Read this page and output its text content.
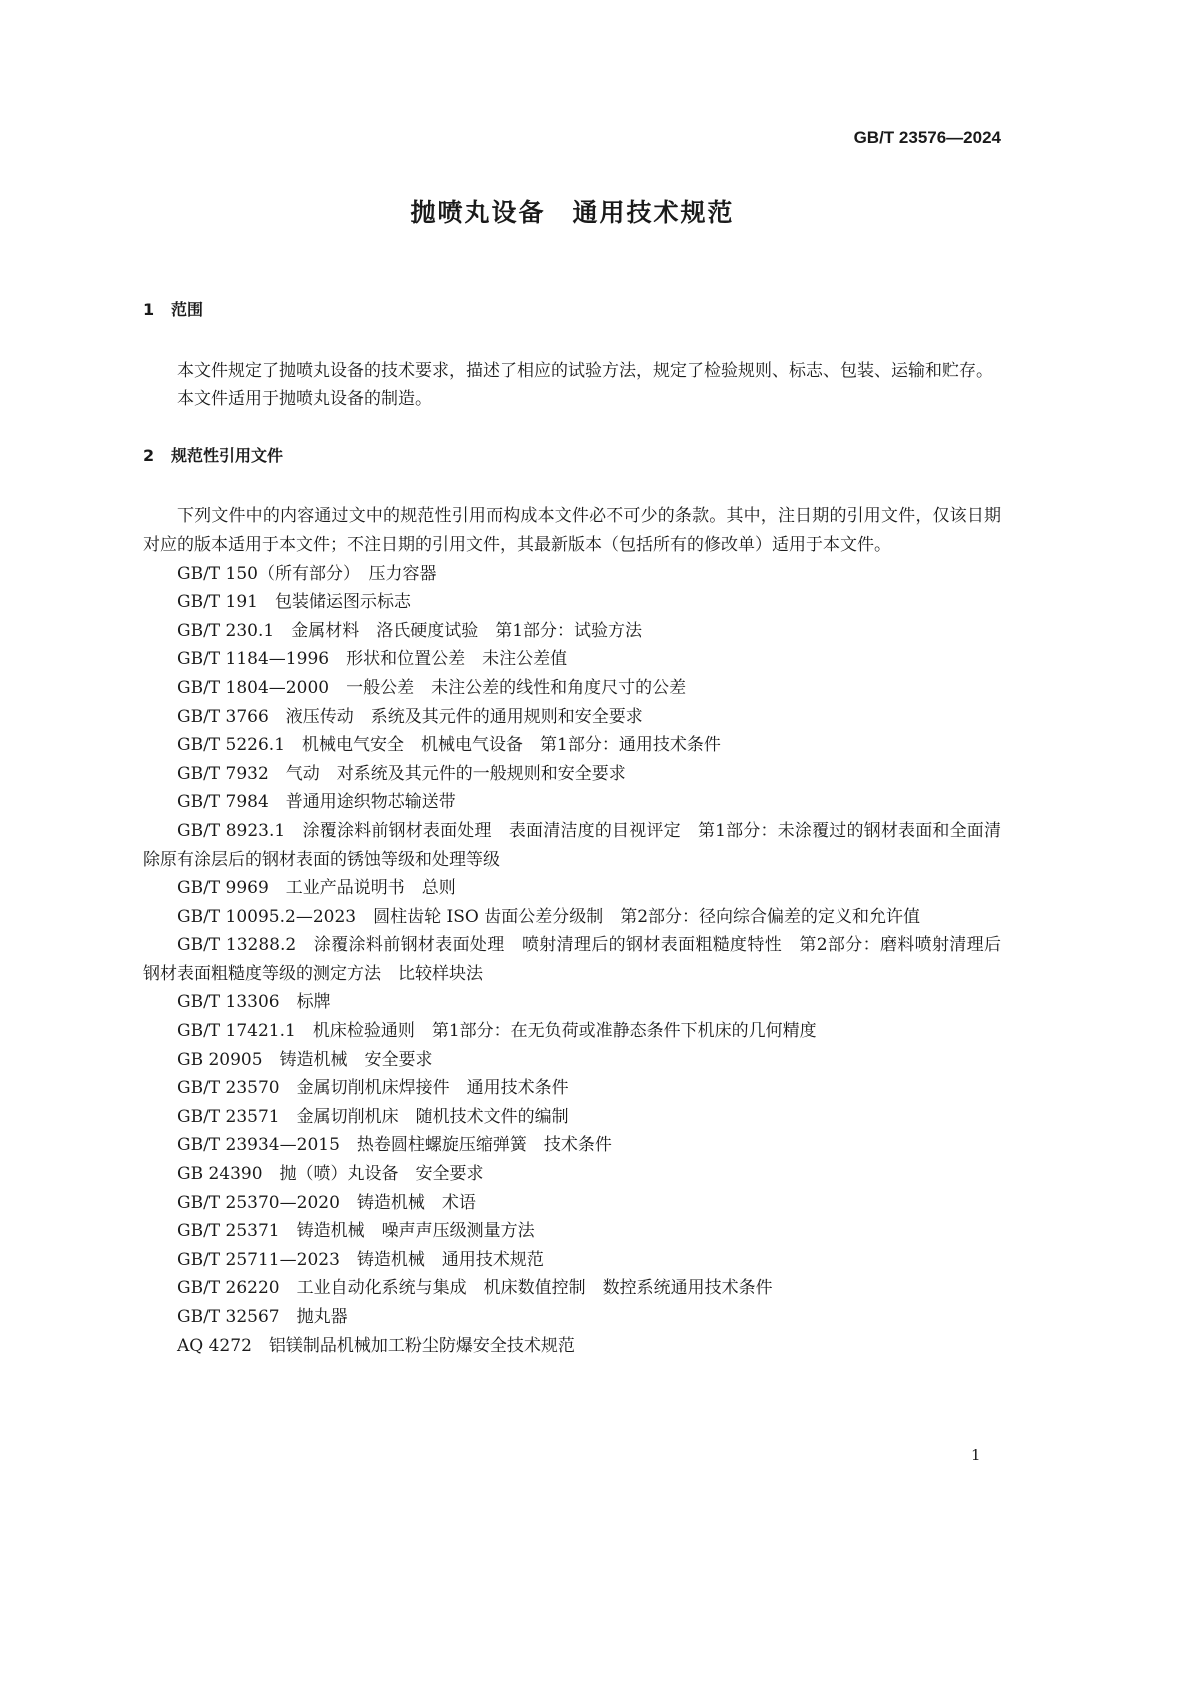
GB/T 23576—2024
抛喷丸设备　通用技术规范
1 范围

本文件规定了抛喷丸设备的技术要求，描述了相应的试验方法，规定了检验规则、标志、包装、运输和贮存。

本文件适用于抛喷丸设备的制造。

2 规范性引用文件

下列文件中的内容通过文中的规范性引用而构成本文件必不可少的条款。其中，注日期的引用文件，仅该日期对应的版本适用于本文件；不注日期的引用文件，其最新版本（包括所有的修改单）适用于本文件。

GB/T 150（所有部分）　压力容器

GB/T 191　包装储运图示标志

GB/T 230.1　金属材料　洛氏硬度试验　第1部分：试验方法

GB/T 1184—1996　形状和位置公差　未注公差值

GB/T 1804—2000　一般公差　未注公差的线性和角度尺寸的公差

GB/T 3766　液压传动　系统及其元件的通用规则和安全要求

GB/T 5226.1　机械电气安全　机械电气设备　第1部分：通用技术条件

GB/T 7932　气动　对系统及其元件的一般规则和安全要求

GB/T 7984　普通用途织物芯输送带

GB/T 8923.1　涂覆涂料前钢材表面处理　表面清洁度的目视评定　第1部分：未涂覆过的钢材表面和全面清除原有涂层后的钢材表面的锈蚀等级和处理等级

GB/T 9969　工业产品说明书　总则

GB/T 10095.2—2023　圆柱齿轮 ISO 齿面公差分级制　第2部分：径向综合偏差的定义和允许值

GB/T 13288.2　涂覆涂料前钢材表面处理　喷射清理后的钢材表面粗糙度特性　第2部分：磨料喷射清理后钢材表面粗糙度等级的测定方法　比较样块法

GB/T 13306　标牌

GB/T 17421.1　机床检验通则　第1部分：在无负荷或准静态条件下机床的几何精度

GB 20905　铸造机械　安全要求

GB/T 23570　金属切削机床焊接件　通用技术条件

GB/T 23571　金属切削机床　随机技术文件的编制

GB/T 23934—2015　热卷圆柱螺旋压缩弹簧　技术条件

GB 24390　抛（喷）丸设备　安全要求

GB/T 25370—2020　铸造机械　术语

GB/T 25371　铸造机械　噪声声压级测量方法

GB/T 25711—2023　铸造机械　通用技术规范

GB/T 26220　工业自动化系统与集成　机床数值控制　数控系统通用技术条件

GB/T 32567　抛丸器

AQ 4272　铝镁制品机械加工粉尘防爆安全技术规范

1
